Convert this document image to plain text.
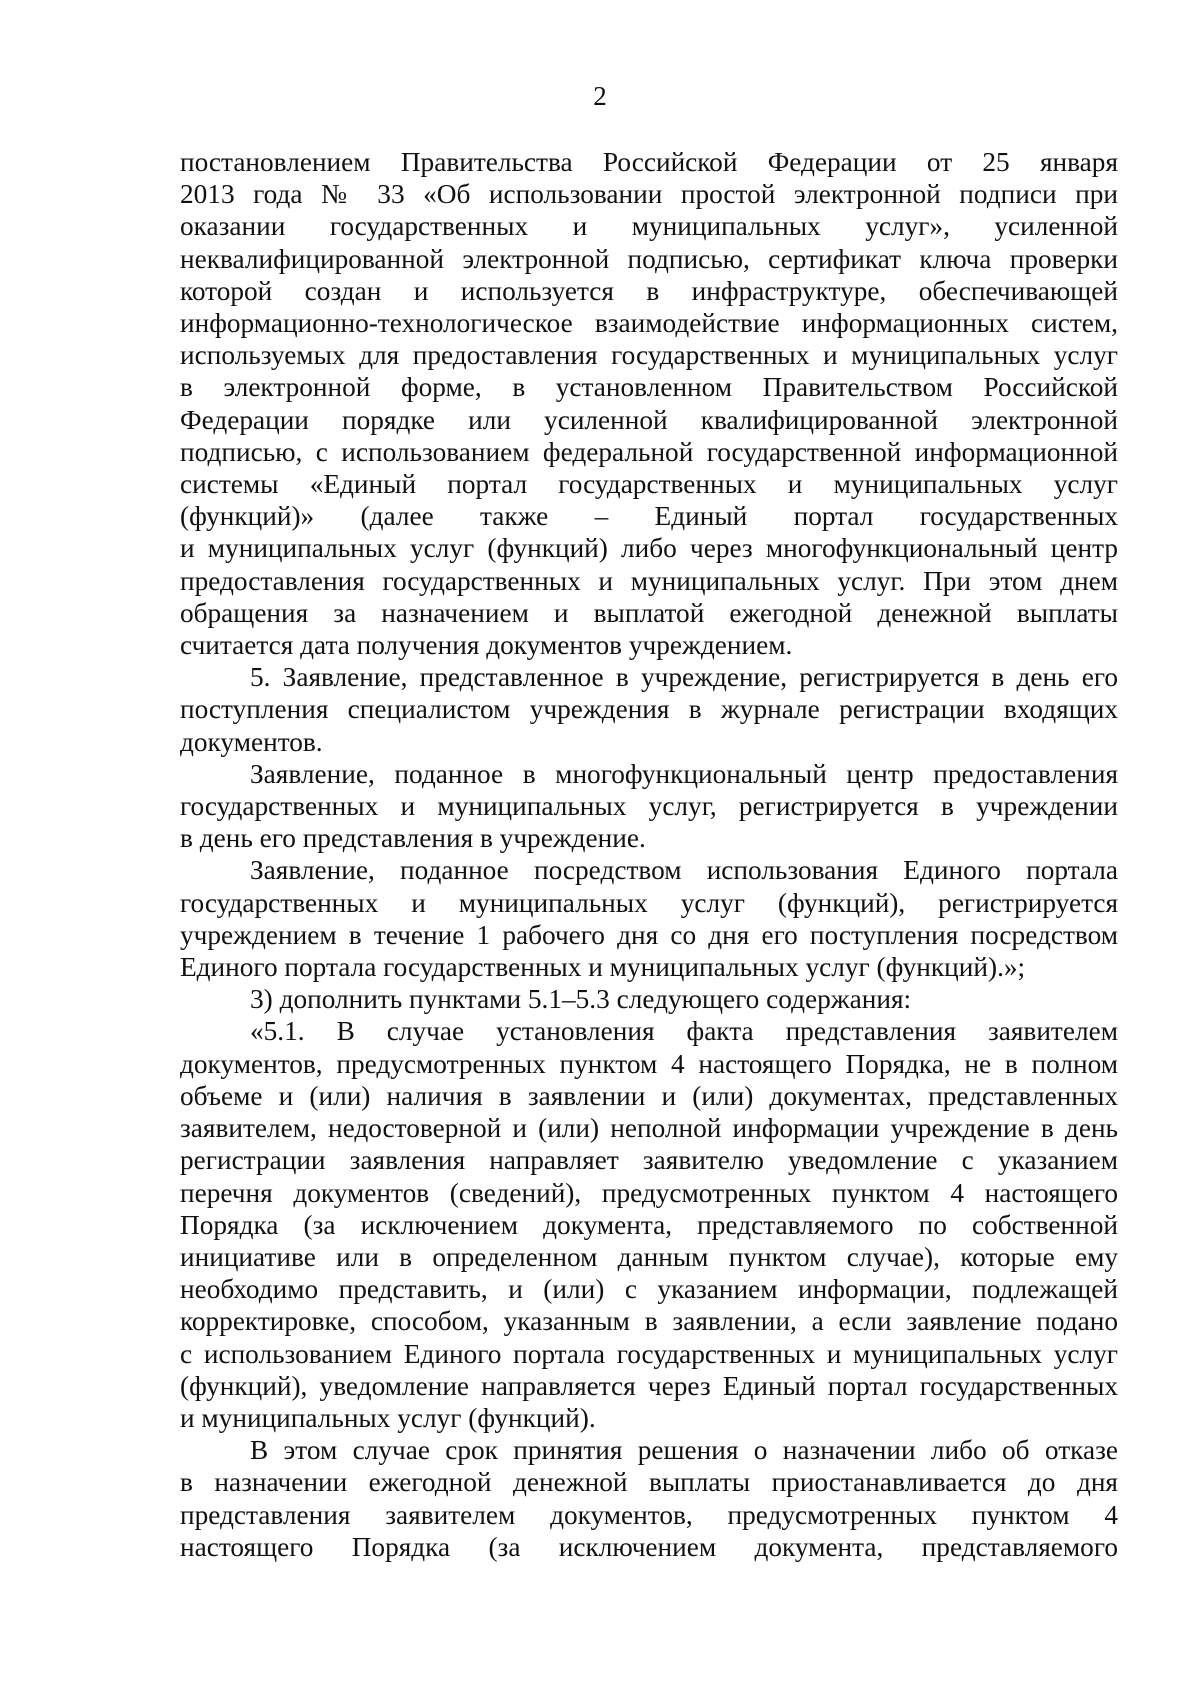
2
постановлением Правительства Российской Федерации от 25 января
2013 года № 33 «Об использовании простой электронной подписи при
оказании государственных и муниципальных услуг», усиленной
неквалифицированной электронной подписью, сертификат ключа проверки
которой создан и используется в инфраструктуре, обеспечивающей
информационно-технологическое взаимодействие информационных систем,
используемых для предоставления государственных и муниципальных услуг
в электронной форме, в установленном Правительством Российской
Федерации порядке или усиленной квалифицированной электронной
подписью, с использованием федеральной государственной информационной
системы «Единый портал государственных и муниципальных услуг
(функций)» (далее также – Единый портал государственных
и муниципальных услуг (функций) либо через многофункциональный центр
предоставления государственных и муниципальных услуг. При этом днем
обращения за назначением и выплатой ежегодной денежной выплаты
считается дата получения документов учреждением.
5. Заявление, представленное в учреждение, регистрируется в день его
поступления специалистом учреждения в журнале регистрации входящих
документов.
Заявление, поданное в многофункциональный центр предоставления
государственных и муниципальных услуг, регистрируется в учреждении
в день его представления в учреждение.
Заявление, поданное посредством использования Единого портала
государственных и муниципальных услуг (функций), регистрируется
учреждением в течение 1 рабочего дня со дня его поступления посредством
Единого портала государственных и муниципальных услуг (функций).»;
3) дополнить пунктами 5.1–5.3 следующего содержания:
«5.1. В случае установления факта представления заявителем
документов, предусмотренных пунктом 4 настоящего Порядка, не в полном
объеме и (или) наличия в заявлении и (или) документах, представленных
заявителем, недостоверной и (или) неполной информации учреждение в день
регистрации заявления направляет заявителю уведомление с указанием
перечня документов (сведений), предусмотренных пунктом 4 настоящего
Порядка (за исключением документа, представляемого по собственной
инициативе или в определенном данным пунктом случае), которые ему
необходимо представить, и (или) с указанием информации, подлежащей
корректировке, способом, указанным в заявлении, а если заявление подано
с использованием Единого портала государственных и муниципальных услуг
(функций), уведомление направляется через Единый портал государственных
и муниципальных услуг (функций).
В этом случае срок принятия решения о назначении либо об отказе
в назначении ежегодной денежной выплаты приостанавливается до дня
представления заявителем документов, предусмотренных пунктом 4
настоящего Порядка (за исключением документа, представляемого
